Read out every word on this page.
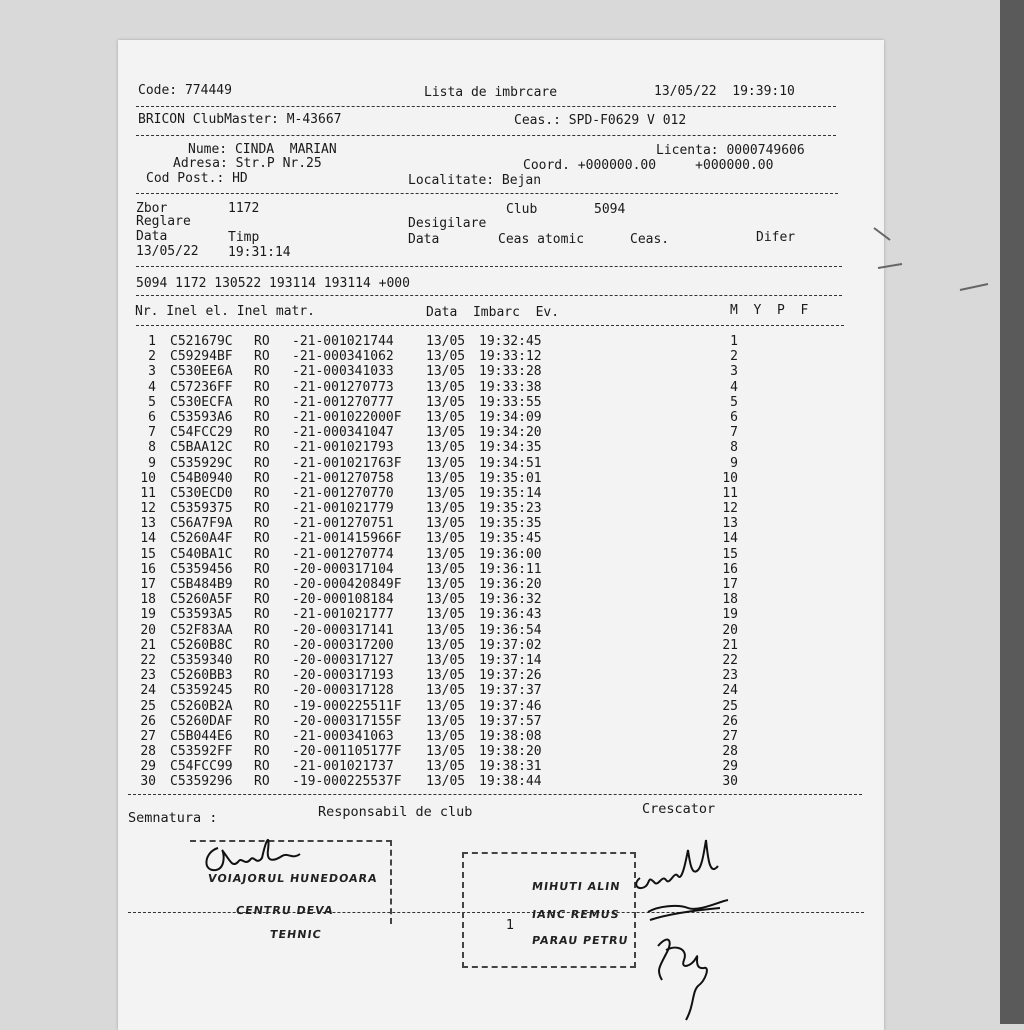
Code: 774449	Lista de imbrcare	13/05/22  19:39:10
BRICON ClubMaster: M-43667	Ceas.: SPD-F0629 V 012
Nume: CINDA  MARIAN	Licenta: 0000749606
Adresa: Str.P Nr.25	Coord. +000000.00     +000000.00
Cod Post.: HD	Localitate: Bejan
Zbor	1172	Club	5094
Reglare	Desigilare
Data	Timp	Data	Ceas atomic	Ceas.	Difer
13/05/22 19:31:14
5094 1172 130522 193114 193114 +000
Nr. Inel el. Inel matr.	Data  Imbarc  Ev.	M  Y  P  F
1 C521679C RO -21-001021744 13/05 19:32:45	1
2 C59294BF RO -21-000341062 13/05 19:33:12	2
3 C530EE6A RO -21-000341033 13/05 19:33:28	3
4 C57236FF RO -21-001270773 13/05 19:33:38	4
5 C530ECFA RO -21-001270777 13/05 19:33:55	5
6 C53593A6 RO -21-001022000F 13/05 19:34:09	6
7 C54FCC29 RO -21-000341047 13/05 19:34:20	7
8 C5BAA12C RO -21-001021793 13/05 19:34:35	8
9 C535929C RO -21-001021763F 13/05 19:34:51	9
10 C54B0940 RO -21-001270758 13/05 19:35:01	10
11 C530ECD0 RO -21-001270770 13/05 19:35:14	11
12 C5359375 RO -21-001021779 13/05 19:35:23	12
13 C56A7F9A RO -21-001270751 13/05 19:35:35	13
14 C5260A4F RO -21-001415966F 13/05 19:35:45	14
15 C540BA1C RO -21-001270774 13/05 19:36:00	15
16 C5359456 RO -20-000317104 13/05 19:36:11	16
17 C5B484B9 RO -20-000420849F 13/05 19:36:20	17
18 C5260A5F RO -20-000108184 13/05 19:36:32	18
19 C53593A5 RO -21-001021777 13/05 19:36:43	19
20 C52F83AA RO -20-000317141 13/05 19:36:54	20
21 C5260B8C RO -20-000317200 13/05 19:37:02	21
22 C5359340 RO -20-000317127 13/05 19:37:14	22
23 C5260BB3 RO -20-000317193 13/05 19:37:26	23
24 C5359245 RO -20-000317128 13/05 19:37:37	24
25 C5260B2A RO -19-000225511F 13/05 19:37:46	25
26 C5260DAF RO -20-000317155F 13/05 19:37:57	26
27 C5B044E6 RO -21-000341063 13/05 19:38:08	27
28 C53592FF RO -20-001105177F 13/05 19:38:20	28
29 C54FCC99 RO -21-001021737 13/05 19:38:31	29
30 C5359296 RO -19-000225537F 13/05 19:38:44	30
Semnatura :	Responsabil de club	Crescator
VOIAJORUL HUNEDOARA
CENTRU DEVA
TEHNIC
MIHUTI ALIN
IANC REMUS
PARAU PETRU
1
